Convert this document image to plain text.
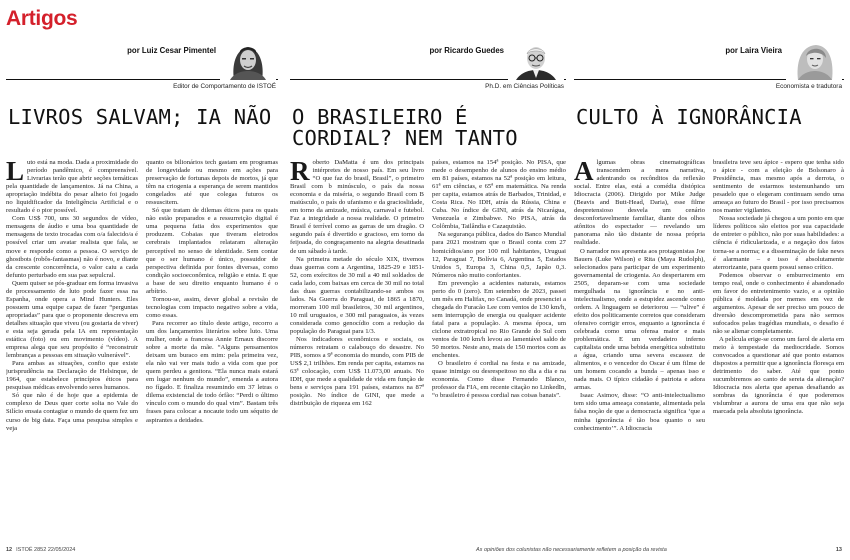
Artigos
por Luiz Cesar Pimentel
Editor de Comportamento de ISTOÉ
LIVROS SALVAM; IA NÃO

Luto está na moda. Dada a proximidade do período pandêmico, é compreensível. Livrarias terão que abrir seções temáticas pela quantidade de lançamentos. Já na China, a apropriação indébita do pesar alheio foi jogado no liquidificador da Inteligência Artificial e o resultado é o pior possível.

Com US$ 700, uns 30 segundos de vídeo, mensagens de áudio e uma boa quantidade de mensagens de texto trocadas com o/a falecido/a é possível criar um avatar realista que fala, se move e responde como a pessoa. O serviço de ghostbots (robôs-fantasmas) não é novo, e diante da crescente concorrência, o valor caiu a cada defunto perturbado em sua paz sepulcral.

Quem quiser se pós-graduar em forma invasiva de processamento de luto pode fazer essa na Espanha, onde opera a Mind Hunters. Eles possuem uma equipe capaz de fazer “perguntas apropriadas” para que o proponente descreva em detalhes situação que viveu (ou gostaria de viver) e esta seja gerada pela IA em representação estática (foto) ou em movimento (vídeo). A empresa alega que seu propósito é “reconstruir lembranças a pessoas em situação vulnerável”.

Para ambas as situações, confio que existe jurisprudência na Declaração de Helsinque, de 1964, que estabelece princípios éticos para pesquisas médicas envolvendo seres humanos.

Só que não é de hoje que a epidemia de complexo de Deus quer corte solta no Vale do Silício ensaia contagiar o mundo de quem fez um curso de big data. Faça uma pesquisa simples e veja

quanto os bilionários tech gastam em programas de longevidade ou mesmo em ações para preservação de fortunas depois de mortos, já que têm na criogenia a esperança de serem mantidos congelados até que colegas futuros os ressuscitem.

Só que tratam de dilemas éticos para os quais não estão preparados e a ressurreição digital é uma pequena fatia dos experimentos que produzem. Cobaias que tiveram eletrodos cerebrais implantados relataram alteração perceptível no senso de identidade. Sem contar que o ser humano é único, possuidor de perspectiva definida por fontes diversas, como condição socioeconômica, religião e etnia. E que a base de seu direito enquanto humano é o arbítrio.

Tornou-se, assim, dever global a revisão de tecnologias com impacto negativo sobre a vida, como essas.

Para recorrer ao título deste artigo, recorro a um dos lançamentos literários sobre luto. Uma mulher, onde a francesa Annie Ernaux discorre sobre a morte da mãe. “Alguns pensamentos deixam um buraco em mim: pela primeira vez, ela não vai ver mais tudo a vida com que por quem perdeu a genitora. “Ela nunca mais estará em lugar nenhum do mundo”, emenda a autora no fígado. E finaliza resumindo em 37 letras o dilema existencial de todo órfão: “Perdi o último vínculo com o mundo do qual vim”. Bastam três frases para colocar a nocaute todo um séquito de aspirantes a deidades.

por Ricardo Guedes
Ph.D. em Ciências Políticas
O BRASILEIRO É CORDIAL? NEM TANTO

Roberto DaMatta é um dos principais intérpretes de nosso país. Em seu livro “O que faz do brasil, Brasil”, o primeiro Brasil com b minúsculo, o país da nossa economia e da miséria, o segundo Brasil com B maiúsculo, o país do ufanismo e da gracioslidade, em torno da amizade, música, carnaval e futebol. Faz a integridade a nossa realidade. O primeiro Brasil é terrível como as garras de um dragão. O segundo país é divertido e gracioso, em torno da feijoada, do congraçamento na alegria desatinada de um sábado à tarde.

Na primeira metade do século XIX, tivemos duas guerras com a Argentina, 1825-29 e 1851-52, com exércitos de 30 mil a 40 mil soldados de cada lado, com baixas em cerca de 30 mil no total das duas guerras contabilizando-se ambos os lados. Na Guerra do Paraguai, de 1865 a 1870, morreram 100 mil brasileiros, 30 mil argentinos, 10 mil uruguaios, e 300 mil paraguaios, às vezes considerada como genocídio com a redução da população do Paraguai para 1/3.

Nos indicadores econômicos e sociais, os números retratam o calabouço do desastre. No PIB, somos a 9ª economia do mundo, com PIB de US$ 2,1 trilhões. Em renda per capita, estamos na 63ª colocação, com US$ 11.073,00 anuais. No IDH, que mede a qualidade de vida em função de bens e serviços para 191 países, estamos na 87ª posição. No índice de GINI, que mede a distribuição de riqueza em 162

países, estamos na 154ª posição. No PISA, que mede o desempenho de alunos do ensino médio em 81 países, estamos na 52ª posição em leitura, 61ª em ciências, e 65ª em matemática. Na renda per capita, estamos atrás de Barbados, Trinidad, e Costa Rica. No IDH, atrás da Rússia, China e Cuba. No índice de GINI, atrás da Nicarágua, Venezuela e Zimbabwe. No PISA, atrás da Colômbia, Tailândia e Cazaquistão.

Na segurança pública, dados do Banco Mundial para 2021 mostram que o Brasil conta com 27 homicídios/ano por 100 mil habitantes, Uruguai 12, Paraguai 7, Bolívia 6, Argentina 5, Estados Unidos 5, Europa 3, China 0,5, Japão 0,3. Números não muito confortantes.

Em prevenção a acidentes naturais, estamos perto do 0 (zero). Em setembro de 2023, passei um mês em Halifax, no Canadá, onde presenciei a chegada do Furacão Lee com ventos de 130 km/h, sem interrupção de energia ou qualquer acidente fatal para a população. A mesma época, um ciclone extratropical no Rio Grande do Sul com ventos de 100 km/h levou ao lamentável saldo de 50 mortos. Neste ano, mais de 150 mortos com as enchentes.

O brasileiro é cordial na festa e na amizade, quase inimigo ou desrespeitoso no dia a dia e na economia. Como disse Fernando Blanco, professor da FIA, em recente citação no LinkedIn, “o brasileiro é pessoa cordial nas coisas banais”.

por Laira Vieira
Economista e tradutora
CULTO À IGNORÂNCIA

Algumas obras cinematográficas transcendem a mera narrativa, adentrando os recônditos da reflexão social. Entre elas, está a comédia distópica Idiocracia (2006). Dirigido por Mike Judge (Beavis and Butt-Head, Daria), esse filme despretensioso desvela um cenário desconfortavelmente familiar, diante dos olhos atônitos do espectador — revelando um panorama não tão distante de nossa própria realidade.

O narrador nos apresenta aos protagonistas Joe Bauers (Luke Wilson) e Rita (Maya Rudolph), selecionados para participar de um experimento governamental de criogenia. Ao despertarem em 2505, deparam-se com uma sociedade mergulhada na ignorância e no anti-intelectualismo, onde a estupidez ascende como ordem. A linguagem se deteriorou — “ulive” é efeito dos politicamente corretos que consideram ofensivo corrigir erros, enquanto a ignorância é celebrada como uma ofensa maior e mais problemática. E um verdadeiro inferno capitalista onde uma bebida energética substituiu a água, criando uma severa escassez de alimentos, e o vencedor do Oscar é um filme de um homem cocando a bunda – apenas isso e nada mais. O típico cidadão é patriota e adora armas.

Isaac Asimov, disse: “O anti-intelectualismo tem sido uma ameaça constante, alimentada pela falsa noção de que a democracia significa ‘que a minha ignorância é tão boa quanto o seu conhecimento’”. A Idiocracia

brasileira teve seu ápice - espero que tenha sido o ápice - com a eleição de Bolsonaro à Presidência, mas mesmo após a derrota, o sentimento de estarmos testemunhando um pesadelo que o elegeram continuam sendo uma ameaça ao futuro do Brasil - por isso precisamos nos manter vigilantes.

Nossa sociedade já chegou a um ponto em que líderes políticos são eleitos por sua capacidade de entreter o público, não por suas habilidades: a ciência é ridicularizada, e a negação dos fatos torna-se a norma; e a disseminação de fake news é alarmante – e isso é absolutamente aterrorizante, para quem possui senso crítico.

Podemos observar o emburrecimento em tempo real, onde o conhecimento é abandonado em favor do entretenimento vazio, e a opinião pública é moldada por memes em vez de argumentos. Apesar de ser preciso um pouco de diversão descomprometida para não sermos sufocados pelas tragédias mundiais, o desafio é não se alienar completamente.

A película erige-se como um farol de alerta em meio à tempestade da mediocridade. Somos convocados a questionar até que ponto estamos dispostos a permitir que a ignorância floresça em detrimento do saber. Até que ponto sucumbiremos ao canto de sereia da alienação? Idiocracia nos alerta que apenas desafiando as sombras da ignorância é que poderemos vislumbrar a aurora de uma era que não seja marcada pela absoluta ignorância.

12 ISTOÉ 2852 22/05/2024	As opiniões dos colunistas não necessariamente refletem a posição da revista	13
